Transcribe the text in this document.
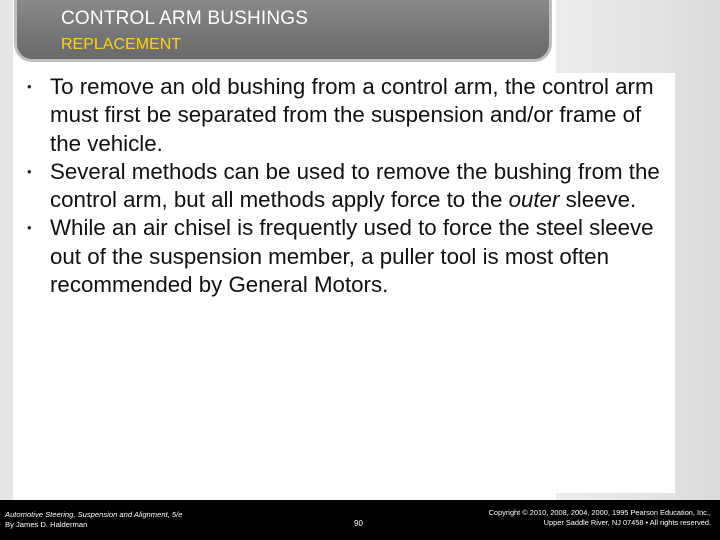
CONTROL ARM BUSHINGS
REPLACEMENT
• To remove an old bushing from a control arm, the control arm must first be separated from the suspension and/or frame of the vehicle.
• Several methods can be used to remove the bushing from the control arm, but all methods apply force to the outer sleeve.
• While an air chisel is frequently used to force the steel sleeve out of the suspension member, a puller tool is most often recommended by General Motors.
Automotive Steering, Suspension and Alignment, 5/e
By James D. Halderman	90
Copyright © 2010, 2008, 2004, 2000, 1995 Pearson Education, Inc.,
Upper Saddle River, NJ 07458 • All rights reserved.
